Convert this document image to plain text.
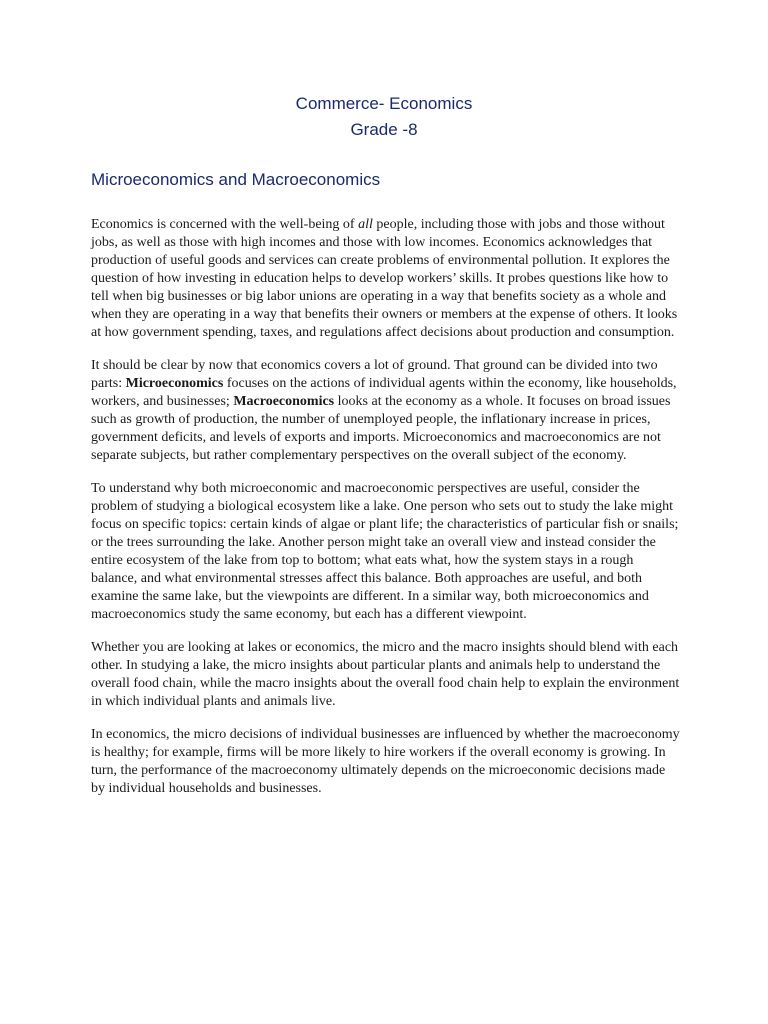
Commerce- Economics
Grade -8
Microeconomics and Macroeconomics

Economics is concerned with the well-being of all people, including those with jobs and those without jobs, as well as those with high incomes and those with low incomes. Economics acknowledges that production of useful goods and services can create problems of environmental pollution. It explores the question of how investing in education helps to develop workers’ skills. It probes questions like how to tell when big businesses or big labor unions are operating in a way that benefits society as a whole and when they are operating in a way that benefits their owners or members at the expense of others. It looks at how government spending, taxes, and regulations affect decisions about production and consumption.

It should be clear by now that economics covers a lot of ground. That ground can be divided into two parts: Microeconomics focuses on the actions of individual agents within the economy, like households, workers, and businesses; Macroeconomics looks at the economy as a whole. It focuses on broad issues such as growth of production, the number of unemployed people, the inflationary increase in prices, government deficits, and levels of exports and imports. Microeconomics and macroeconomics are not separate subjects, but rather complementary perspectives on the overall subject of the economy.

To understand why both microeconomic and macroeconomic perspectives are useful, consider the problem of studying a biological ecosystem like a lake. One person who sets out to study the lake might focus on specific topics: certain kinds of algae or plant life; the characteristics of particular fish or snails; or the trees surrounding the lake. Another person might take an overall view and instead consider the entire ecosystem of the lake from top to bottom; what eats what, how the system stays in a rough balance, and what environmental stresses affect this balance. Both approaches are useful, and both examine the same lake, but the viewpoints are different. In a similar way, both microeconomics and macroeconomics study the same economy, but each has a different viewpoint.

Whether you are looking at lakes or economics, the micro and the macro insights should blend with each other. In studying a lake, the micro insights about particular plants and animals help to understand the overall food chain, while the macro insights about the overall food chain help to explain the environment in which individual plants and animals live.

In economics, the micro decisions of individual businesses are influenced by whether the macroeconomy is healthy; for example, firms will be more likely to hire workers if the overall economy is growing. In turn, the performance of the macroeconomy ultimately depends on the microeconomic decisions made by individual households and businesses.
